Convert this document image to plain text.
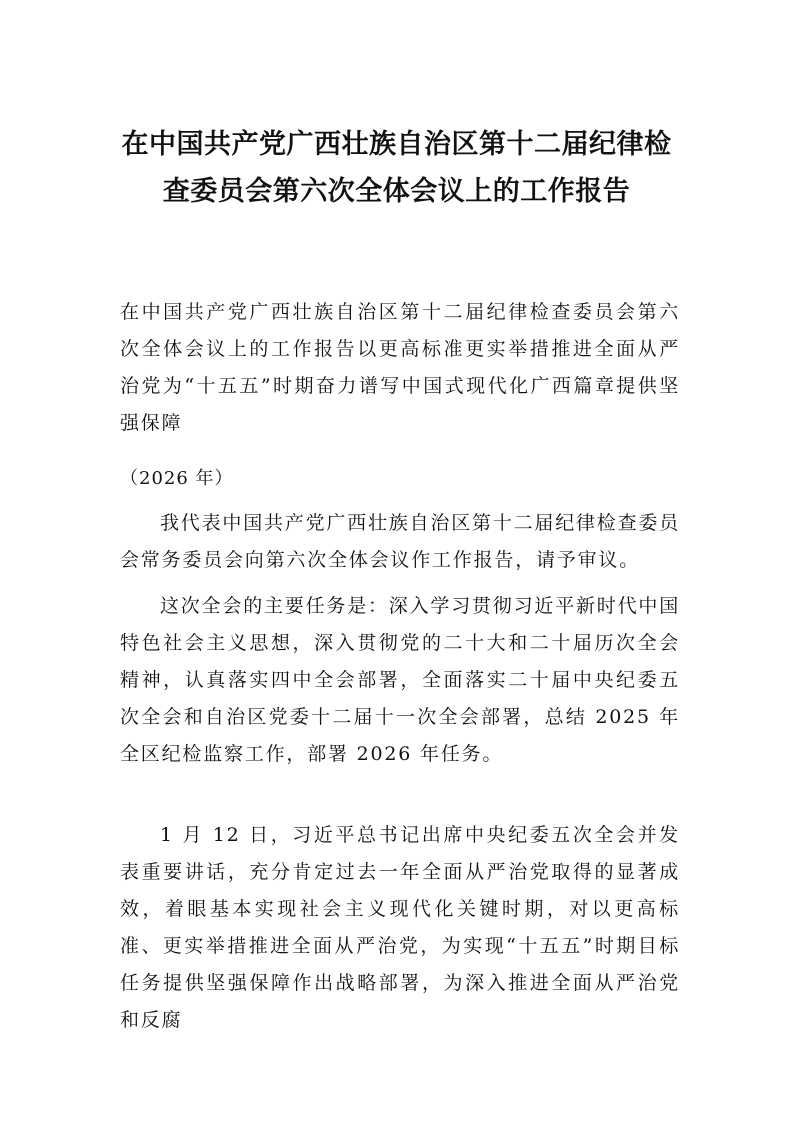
在中国共产党广西壮族自治区第十二届纪律检查委员会第六次全体会议上的工作报告

在中国共产党广西壮族自治区第十二届纪律检查委员会第六次全体会议上的工作报告以更高标准更实举措推进全面从严治党为“十五五”时期奋力谱写中国式现代化广西篇章提供坚强保障

（2026 年）

我代表中国共产党广西壮族自治区第十二届纪律检查委员会常务委员会向第六次全体会议作工作报告，请予审议。

这次全会的主要任务是：深入学习贯彻习近平新时代中国特色社会主义思想，深入贯彻党的二十大和二十届历次全会精神，认真落实四中全会部署，全面落实二十届中央纪委五次全会和自治区党委十二届十一次全会部署，总结 2025 年全区纪检监察工作，部署 2026 年任务。

1 月 12 日，习近平总书记出席中央纪委五次全会并发表重要讲话，充分肯定过去一年全面从严治党取得的显著成效，着眼基本实现社会主义现代化关键时期，对以更高标准、更实举措推进全面从严治党，为实现“十五五”时期目标任务提供坚强保障作出战略部署，为深入推进全面从严治党和反腐
